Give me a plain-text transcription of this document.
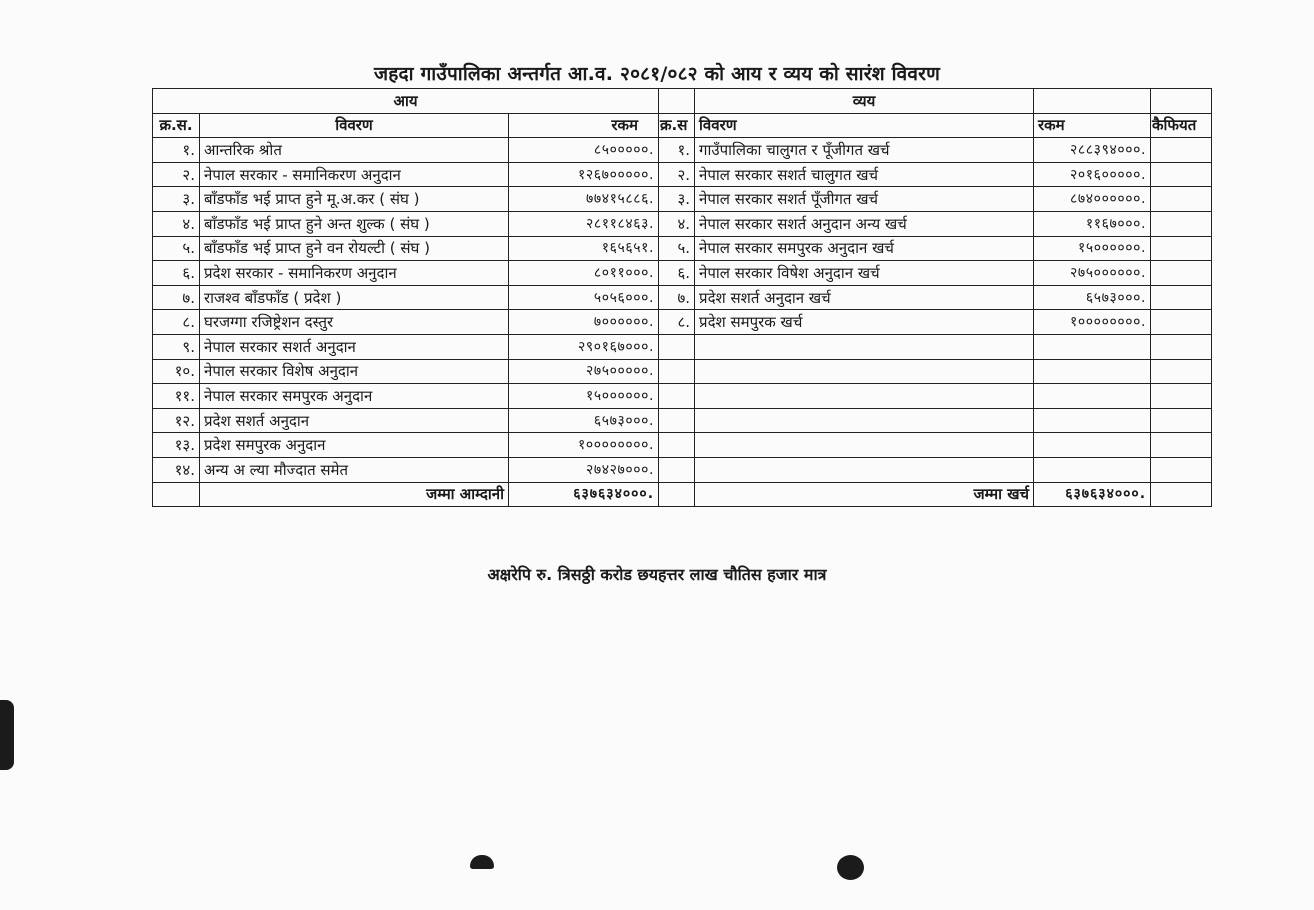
जहदा गाउँपालिका अन्तर्गत आ.व. २०८१/०८२ को आय र व्यय को सारंश विवरण
आय				व्यय		
क्र.स.	विवरण	रकम	क्र.स	विवरण	रकम	कैफियत
१.	आन्तरिक श्रोत	८५०००००.	१.	गाउँपालिका चालुगत र पूँजीगत खर्च	२८८३९४०००.	
२.	नेपाल सरकार - समानिकरण अनुदान	१२६७०००००.	२.	नेपाल सरकार सशर्त चालुगत खर्च	२०१६०००००.	
३.	बाँडफाँड भई प्राप्त हुने मू.अ.कर ( संघ )	७७४१५८८६.	३.	नेपाल सरकार सशर्त पूँजीगत खर्च	८७४००००००.	
४.	बाँडफाँड भई प्राप्त हुने अन्त शुल्क ( संघ )	२८११८४६३.	४.	नेपाल सरकार सशर्त अनुदान अन्य खर्च	११६७०००.	
५.	बाँडफाँड भई प्राप्त हुने वन रोयल्टी ( संघ )	१६५६५१.	५.	नेपाल सरकार समपुरक अनुदान खर्च	१५००००००.	
६.	प्रदेश सरकार - समानिकरण अनुदान	८०११०००.	६.	नेपाल सरकार विषेश अनुदान खर्च	२७५००००००.	
७.	राजश्व बाँडफाँड ( प्रदेश )	५०५६०००.	७.	प्रदेश सशर्त अनुदान खर्च	६५७३०००.	
८.	घरजग्गा रजिष्ट्रेशन दस्तुर	७००००००.	८.	प्रदेश समपुरक खर्च	१००००००००.	
९.	नेपाल सरकार सशर्त अनुदान	२९०१६७०००.				
१०.	नेपाल सरकार विशेष अनुदान	२७५०००००.				
११.	नेपाल सरकार समपुरक अनुदान	१५००००००.				
१२.	प्रदेश सशर्त अनुदान	६५७३०००.				
१३.	प्रदेश समपुरक अनुदान	१००००००००.				
१४.	अन्य अ ल्या मौज्दात समेत	२७४२७०००.				
	जम्मा आम्दानी	६३७६३४०००.		जम्मा खर्च	६३७६३४०००.	
अक्षरेपि रु. त्रिसठ्ठी करोड छयहत्तर लाख चौतिस हजार मात्र
